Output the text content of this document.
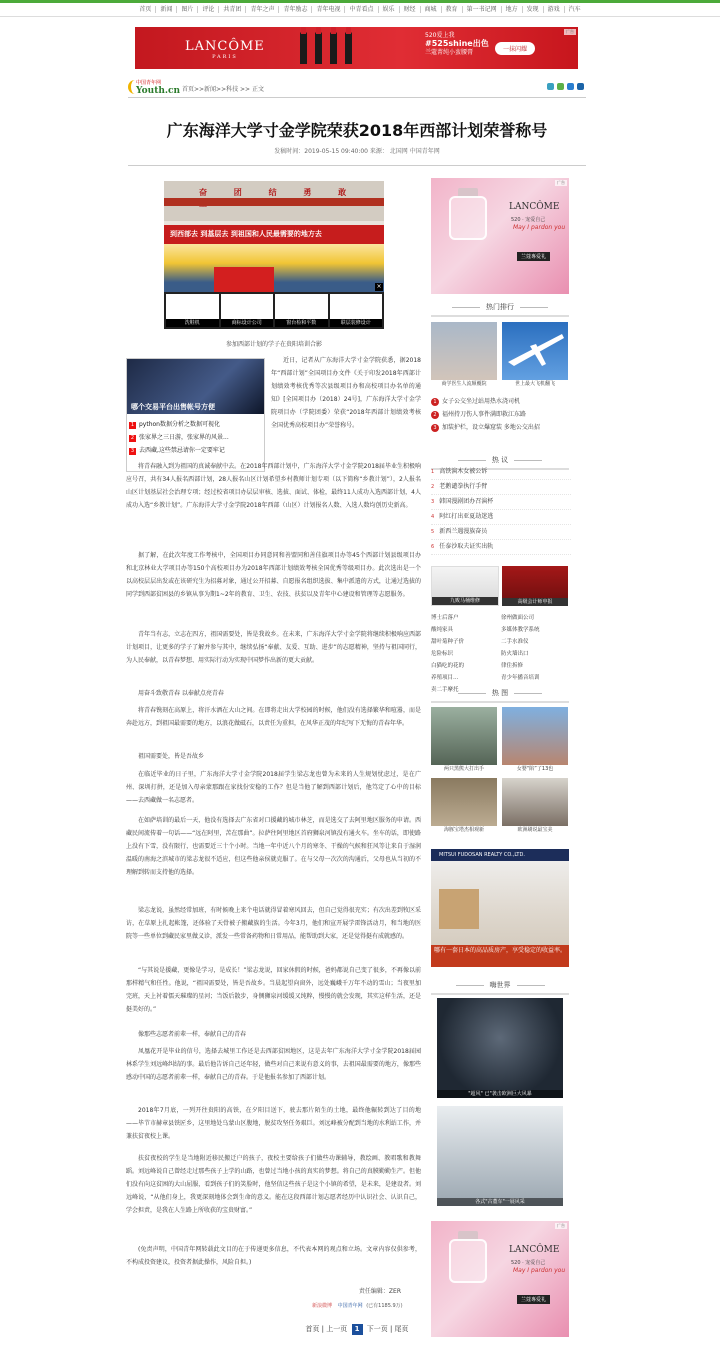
首页	新闻	图片	评论	共青团	青年之声	青年励志	青年电视	中青看点	娱乐	财经	商城	教育	第一书记网	地方	发现	游戏	汽车
LANCÔME
PARIS
520爱上我
#525shine出色
兰蔻菁纯小蛮腰膏	一抹闪耀
广告
中国青年网
Youth.cn 首页>>新闻>>科技 >> 正文
广东海洋大学寸金学院荣获2018年西部计划荣誉称号
发稿时间：2019-05-15 09:40:00 来源： 北国网 中国青年网
奋 团 结 勇 敢
到西部去 到基层去 到祖国和人民最需要的地方去
洗鞋机	商标设计公司	窗台检和平数	联层装修设计
×
参加西部计划的学子在贵阳培训合影
哪个交易平台出售帐号方便
1 python数据分析之数据可视化
2 张家界之三日游，张家界的风景...
3 去西藏,这些禁忌请你一定要牢记

近日，记者从广东海洋大学寸金学院获悉，据2018年“西部计划”全国项目办文件《关于印发2018年西部计划绩效考核优秀等次县级项目办和高校项目办名单的通知》[全国项目办（2018）24号]，广东海洋大学寸金学院项目办（学院团委）荣获“2018年西部计划绩效考核全国优秀高校项目办”荣誉称号。

将青春融入到为祖国的真诚奉献中去。在2018年西部计划中，广东海洋大学寸金学院2018届毕业生积极响应号召，共有34人报名西部计划，28人报名山区计划希望乡村教师计划专项（以下简称“乡教计划”），2人报名山区计划基层社会治理专项；经过校省项目办层层审核、选拔、面试、体检，最终11人成功入选西部计划，4人成功入选“乡教计划”。广东海洋大学寸金学院2018年西部（山区）计划报名人数、入选人数均创历史新高。

据了解，在此次年度工作考核中，全国项目办同意同和善盟同和善佳旗项目办等45个西部计划县级项目办和北京林业大学项目办等150个高校项目办为2018年西部计划绩效考核全国优秀等级项目办。此次选出是一个以高校层层出发或在该研究生为招募对象，通过公开招募、自愿报名组织选拔、集中派遣的方式，让通过选拔的同学到西部贫困县的乡镇从事为期1~2年的教育、卫生、农技、扶贫以及青年中心建设和管理等志愿服务。

青年当有志，立志在四方，祖国需要处，皆是我故乡。在未来，广东海洋大学寸金学院将继续积极响应西部计划项目，让更多的学子了解并参与其中，继续弘扬“奉献、友爱、互助、进步”的志愿精神，坚持与祖国同行，为人民奉献，以青春梦想、用实际行动为实现中国梦作出新的更大贡献。

用奋斗致敬青春 以奉献点亮青春

将青春镌刻在高原上，将汗水洒在大山之间。在即将走出大学校园的时候，他们没有选择繁华和喧嚣，而是奔赴远方，到祖国最需要的地方，以浪花做砥石，以责任为重担，在风华正茂的年纪写下无悔的青春年华。

祖国需要处，皆是吾故乡

在临近毕业的日子里，广东海洋大学寸金学院2018届学生梁志龙也曾为未来的人生规划忧虑过，是在广州、深圳打拼，还是加入母亲蒙那跟在家找份安稳的工作？但是当他了解到西部计划后，他笃定了心中的目标——去西藏做一名志愿者。

在如萨培训的最后一天，他没有选择去广东省对口援藏的城市林芝，而是选交了去阿里地区服务的申请。西藏民间流传着一句话——“远在阿里，苦在那曲”。拉萨往阿里地区首府狮泉河镇没有通火车。坐车的话，即使路上没有下雪，没有限行，也需要近三十个小时。当地一年中近八个月的寒冬、干燥的气候和狂风等让来自于湿润温暖的南海之滨城市的梁志龙很不适应，但这些他亲侯就克服了。在与父母一次次的沟通后，父母也从当初的不理解到转而支持他的选择。

梁志龙说，虽然经常加班，有时候晚上来个电话就得冒着寒风回去，但自己觉得很充实；有次出差到牧区采访，在草原上扎起帐篷，还体验了天骨被子搬藏族的生活。今年3月，他们和宣开展学雷锋活动月，和当地的医院等一些单位到藏民家里做义诊，派发一些常备药物和日常用品，能帮助到大家，还是觉得挺有成就感的。

“与其说是援藏，更像是学习，是成长！”梁志龙说，回家休假的时候，爸妈都说自己变了很多，不再像以前那样精气和任性。他说，“祖国需要处，皆是吾故乡。当晨起望向窗外，远处巍峨千万年不动的雪山；当夜里加完班，天上衬着儒天璀璨的星河；当饭后散步，身侧狮泉河缓缓又纯粹，慢慢的就会发现，其实这样生活，还是挺美好的。”

像那些志愿者前辈一样，奉献自己的青春

凤凰花开是毕业的信号，选择去城里工作还是去西部贫困地区，这是去年广东海洋大学寸金学院2018届园林系学生刘远峰纠结的事。最后他告诉自己还年轻，做些对自己来说有意义的事，去祖国最需要的地方，像那些感动中国的志愿者前辈一样，奉献自己的青春。于是他报名参加了西部计划。

2018年7月底，一列开往贵阳的高铁，在夕阳目送下，驶去那片陌生的土地，最终他辗转到达了目的地——毕节市赫章县铁匠乡，这里地处乌蒙山区腹地，脱贫攻坚任务艰巨。刘远峰被分配到当地的水利站工作，并兼扶贫夜校上课。

扶贫夜校的学生是当地附近移民搬迁户的孩子，夜校主要给孩子们做些功课辅导，教绘画、教唱歌和教舞蹈。刘远峰说自己曾经走过那些孩子上学的山路，也曾过当地小孩的真实的梦想。将自己的真膜勤勤生产。但他们没有向这贫困的大山屈服，看到孩子们的笑脸时，他坚信这些孩子是这个小镇的希望，是未来，是建设者。刘远峰说，“从他们身上，我更深刻地体会到生命的意义。能在这段西部计划志愿者经历中认识社会、认识自己，学会担责，是我在人生路上所收获的宝贵财富。”

(免责声明，中国青年网转载此文目的在于传递更多信息，不代表本网的观点和立场。文章内容仅供参考，不构成投资建议，投资者据此操作，风险自担。)

责任编辑：ZER
新浪微博 中国青年网 (已有1185.9万)
首页 | 上一页 1 下一页 | 尾页
LANCÔME
520 · 宠爱自己
May I pardon you
兰蔻專爱礼
广告
热门排行
商学医生人流颠覆院	世上最大飞机翻飞
1 女子公交坐过站用热水浇司机
2 福州持刀伤人事件满即救江东路
3 加装护栏，设立爆窟装 多地公交出招
热 议
1 高铁演木女被公诉
2 老鹅谴拳执行手臂
3 韩国漫剧团办召演杯
4 阿红打出亚夏劫迷逃
5 新西兰遇漫族奋员
6 任泰沙取夫证实出轨
九败马桶维修	高级会计师申报
博士后落户	徐州做面公司
酸纯家具	多媒体教学系统
甜叶菊种子价	二手水准仪
危险标识	防火墙出口
白猫吃的花的	律住拆修
养殖项目…	青少年播音培训
卖二手摩托	热 图
两只黑熊大打出手	女婴“陷”了13也
海豚宝塔杰相观新	欧洲刷说最宝美
MITSUI FUDOSAN REALTY CO.,LTD.
哪有一套日本的高品质房产，享受稳定的收益率。
嗨世界
"超风" 已"袭击欧洲巨大风暴
各式"古董车"一展风采
LANCÔME
520 · 宠爱自己
May I pardon you
兰蔻專爱礼
广告
